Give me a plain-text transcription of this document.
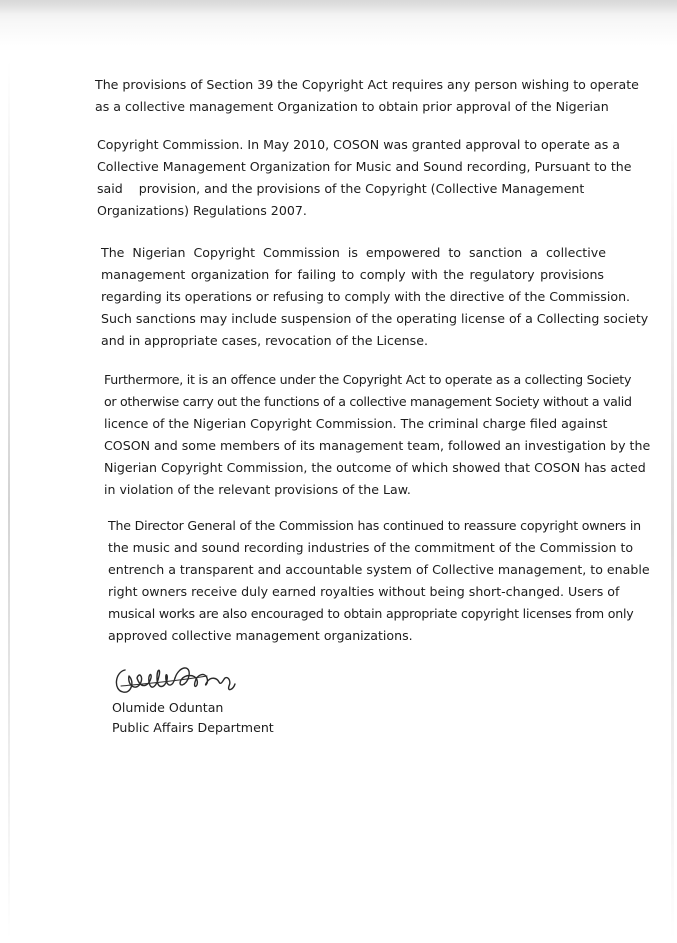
The provisions of Section 39 the Copyright Act requires any person wishing to operate
as a collective management Organization to obtain prior approval of the Nigerian
Copyright Commission. In May 2010, COSON was granted approval to operate as a
Collective Management Organization for Music and Sound recording, Pursuant to the
said    provision, and the provisions of the Copyright (Collective Management
Organizations) Regulations 2007.
The Nigerian Copyright Commission is empowered to sanction a collective
management organization for failing to comply with the regulatory provisions
regarding its operations or refusing to comply with the directive of the Commission.
Such sanctions may include suspension of the operating license of a Collecting society
and in appropriate cases, revocation of the License.
Furthermore, it is an offence under the Copyright Act to operate as a collecting Society
or otherwise carry out the functions of a collective management Society without a valid
licence of the Nigerian Copyright Commission. The criminal charge filed against
COSON and some members of its management team, followed an investigation by the
Nigerian Copyright Commission, the outcome of which showed that COSON has acted
in violation of the relevant provisions of the Law.
The Director General of the Commission has continued to reassure copyright owners in
the music and sound recording industries of the commitment of the Commission to
entrench a transparent and accountable system of Collective management, to enable
right owners receive duly earned royalties without being short-changed. Users of
musical works are also encouraged to obtain appropriate copyright licenses from only
approved collective management organizations.
Olumide Oduntan
Public Affairs Department
